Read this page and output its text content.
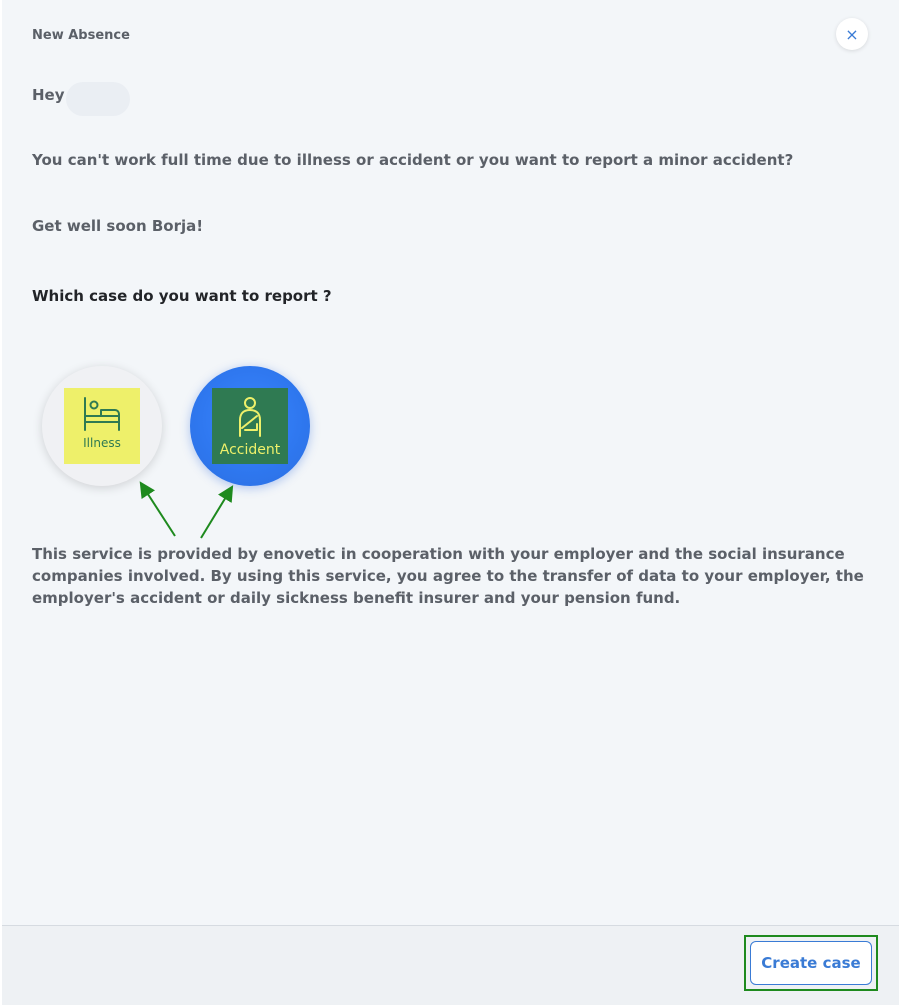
New Absence	×
Hey
You can't work full time due to illness or accident or you want to report a minor accident?
Get well soon Borja!
Which case do you want to report ?
Illness	Accident
This service is provided by enovetic in cooperation with your employer and the social insurance companies involved. By using this service, you agree to the transfer of data to your employer, the employer's accident or daily sickness benefit insurer and your pension fund.
Create case
